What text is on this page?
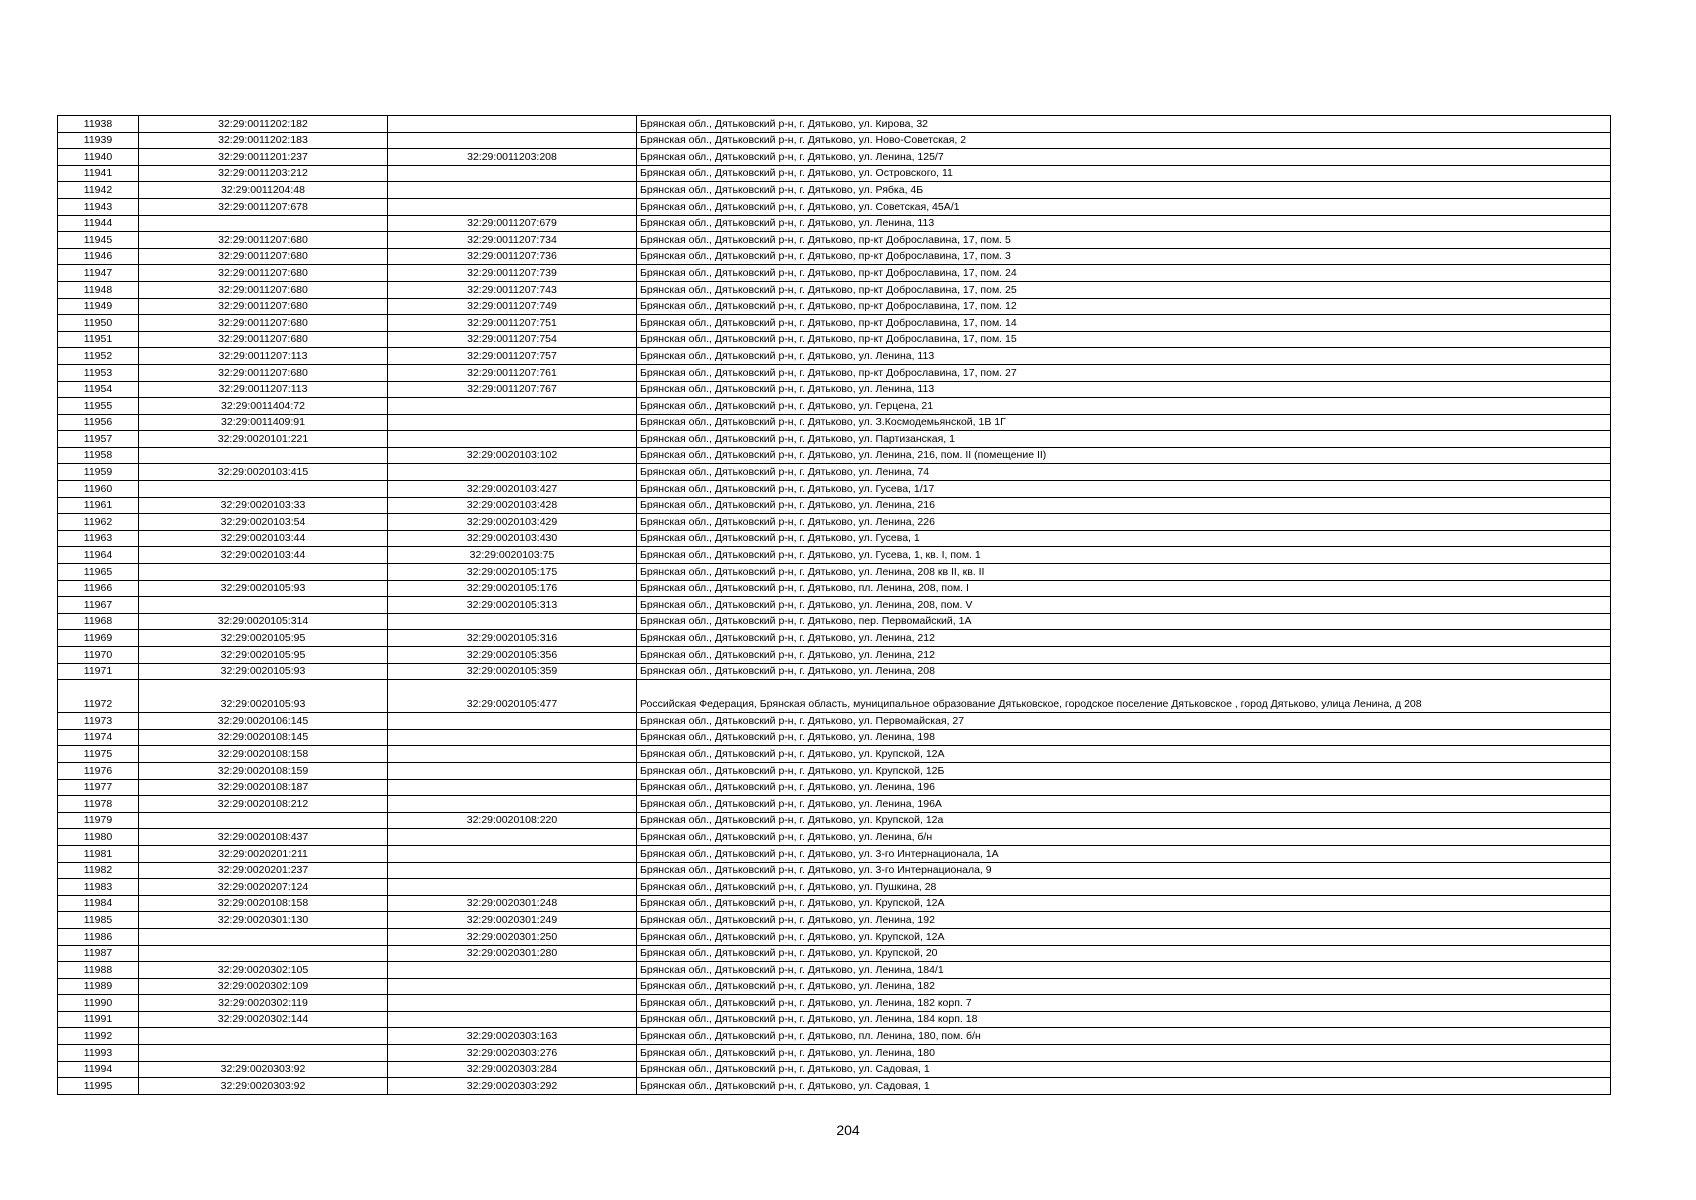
11938	32:29:0011202:182		Брянская обл., Дятьковский р-н, г. Дятьково, ул. Кирова, 32
11939	32:29:0011202:183		Брянская обл., Дятьковский р-н, г. Дятьково, ул. Ново-Советская, 2
11940	32:29:0011201:237	32:29:0011203:208	Брянская обл., Дятьковский р-н, г. Дятьково, ул. Ленина, 125/7
11941	32:29:0011203:212		Брянская обл., Дятьковский р-н, г. Дятьково, ул. Островского, 11
11942	32:29:0011204:48		Брянская обл., Дятьковский р-н, г. Дятьково, ул. Рябка, 4Б
11943	32:29:0011207:678		Брянская обл., Дятьковский р-н, г. Дятьково, ул. Советская, 45А/1
11944		32:29:0011207:679	Брянская обл., Дятьковский р-н, г. Дятьково, ул. Ленина, 113
11945	32:29:0011207:680	32:29:0011207:734	Брянская обл., Дятьковский р-н, г. Дятьково, пр-кт Доброславина, 17, пом. 5
11946	32:29:0011207:680	32:29:0011207:736	Брянская обл., Дятьковский р-н, г. Дятьково, пр-кт Доброславина, 17, пом. 3
11947	32:29:0011207:680	32:29:0011207:739	Брянская обл., Дятьковский р-н, г. Дятьково, пр-кт Доброславина, 17, пом. 24
11948	32:29:0011207:680	32:29:0011207:743	Брянская обл., Дятьковский р-н, г. Дятьково, пр-кт Доброславина, 17, пом. 25
11949	32:29:0011207:680	32:29:0011207:749	Брянская обл., Дятьковский р-н, г. Дятьково, пр-кт Доброславина, 17, пом. 12
11950	32:29:0011207:680	32:29:0011207:751	Брянская обл., Дятьковский р-н, г. Дятьково, пр-кт Доброславина, 17, пом. 14
11951	32:29:0011207:680	32:29:0011207:754	Брянская обл., Дятьковский р-н, г. Дятьково, пр-кт Доброславина, 17, пом. 15
11952	32:29:0011207:113	32:29:0011207:757	Брянская обл., Дятьковский р-н, г. Дятьково, ул. Ленина, 113
11953	32:29:0011207:680	32:29:0011207:761	Брянская обл., Дятьковский р-н, г. Дятьково, пр-кт Доброславина, 17, пом. 27
11954	32:29:0011207:113	32:29:0011207:767	Брянская обл., Дятьковский р-н, г. Дятьково, ул. Ленина, 113
11955	32:29:0011404:72		Брянская обл., Дятьковский р-н, г. Дятьково, ул. Герцена, 21
11956	32:29:0011409:91		Брянская обл., Дятьковский р-н, г. Дятьково, ул. З.Космодемьянской, 1В 1Г
11957	32:29:0020101:221		Брянская обл., Дятьковский р-н, г. Дятьково, ул. Партизанская, 1
11958		32:29:0020103:102	Брянская обл., Дятьковский р-н, г. Дятьково, ул. Ленина, 216, пом. II (помещение II)
11959	32:29:0020103:415		Брянская обл., Дятьковский р-н, г. Дятьково, ул. Ленина, 74
11960		32:29:0020103:427	Брянская обл., Дятьковский р-н, г. Дятьково, ул. Гусева, 1/17
11961	32:29:0020103:33	32:29:0020103:428	Брянская обл., Дятьковский р-н, г. Дятьково, ул. Ленина, 216
11962	32:29:0020103:54	32:29:0020103:429	Брянская обл., Дятьковский р-н, г. Дятьково, ул. Ленина, 226
11963	32:29:0020103:44	32:29:0020103:430	Брянская обл., Дятьковский р-н, г. Дятьково, ул. Гусева, 1
11964	32:29:0020103:44	32:29:0020103:75	Брянская обл., Дятьковский р-н, г. Дятьково, ул. Гусева, 1, кв. I, пом. 1
11965		32:29:0020105:175	Брянская обл., Дятьковский р-н, г. Дятьково, ул. Ленина, 208 кв II, кв. II
11966	32:29:0020105:93	32:29:0020105:176	Брянская обл., Дятьковский р-н, г. Дятьково, пл. Ленина, 208, пом. I
11967		32:29:0020105:313	Брянская обл., Дятьковский р-н, г. Дятьково, ул. Ленина, 208, пом. V
11968	32:29:0020105:314		Брянская обл., Дятьковский р-н, г. Дятьково, пер. Первомайский, 1А
11969	32:29:0020105:95	32:29:0020105:316	Брянская обл., Дятьковский р-н, г. Дятьково, ул. Ленина, 212
11970	32:29:0020105:95	32:29:0020105:356	Брянская обл., Дятьковский р-н, г. Дятьково, ул. Ленина, 212
11971	32:29:0020105:93	32:29:0020105:359	Брянская обл., Дятьковский р-н, г. Дятьково, ул. Ленина, 208
11972	32:29:0020105:93	32:29:0020105:477	Российская Федерация, Брянская область, муниципальное образование Дятьковское, городское поселение Дятьковское , город Дятьково, улица Ленина, д 208
11973	32:29:0020106:145		Брянская обл., Дятьковский р-н, г. Дятьково, ул. Первомайская, 27
11974	32:29:0020108:145		Брянская обл., Дятьковский р-н, г. Дятьково, ул. Ленина, 198
11975	32:29:0020108:158		Брянская обл., Дятьковский р-н, г. Дятьково, ул. Крупской, 12А
11976	32:29:0020108:159		Брянская обл., Дятьковский р-н, г. Дятьково, ул. Крупской, 12Б
11977	32:29:0020108:187		Брянская обл., Дятьковский р-н, г. Дятьково, ул. Ленина, 196
11978	32:29:0020108:212		Брянская обл., Дятьковский р-н, г. Дятьково, ул. Ленина, 196А
11979		32:29:0020108:220	Брянская обл., Дятьковский р-н, г. Дятьково, ул. Крупской, 12а
11980	32:29:0020108:437		Брянская обл., Дятьковский р-н, г. Дятьково, ул. Ленина, б/н
11981	32:29:0020201:211		Брянская обл., Дятьковский р-н, г. Дятьково, ул. 3-го Интернационала, 1А
11982	32:29:0020201:237		Брянская обл., Дятьковский р-н, г. Дятьково, ул. 3-го Интернационала, 9
11983	32:29:0020207:124		Брянская обл., Дятьковский р-н, г. Дятьково, ул. Пушкина, 28
11984	32:29:0020108:158	32:29:0020301:248	Брянская обл., Дятьковский р-н, г. Дятьково, ул. Крупской, 12А
11985	32:29:0020301:130	32:29:0020301:249	Брянская обл., Дятьковский р-н, г. Дятьково, ул. Ленина, 192
11986		32:29:0020301:250	Брянская обл., Дятьковский р-н, г. Дятьково, ул. Крупской, 12А
11987		32:29:0020301:280	Брянская обл., Дятьковский р-н, г. Дятьково, ул. Крупской, 20
11988	32:29:0020302:105		Брянская обл., Дятьковский р-н, г. Дятьково, ул. Ленина, 184/1
11989	32:29:0020302:109		Брянская обл., Дятьковский р-н, г. Дятьково, ул. Ленина, 182
11990	32:29:0020302:119		Брянская обл., Дятьковский р-н, г. Дятьково, ул. Ленина, 182 корп. 7
11991	32:29:0020302:144		Брянская обл., Дятьковский р-н, г. Дятьково, ул. Ленина, 184 корп. 18
11992		32:29:0020303:163	Брянская обл., Дятьковский р-н, г. Дятьково, пл. Ленина, 180, пом. б/н
11993		32:29:0020303:276	Брянская обл., Дятьковский р-н, г. Дятьково, ул. Ленина, 180
11994	32:29:0020303:92	32:29:0020303:284	Брянская обл., Дятьковский р-н, г. Дятьково, ул. Садовая, 1
11995	32:29:0020303:92	32:29:0020303:292	Брянская обл., Дятьковский р-н, г. Дятьково, ул. Садовая, 1
204
